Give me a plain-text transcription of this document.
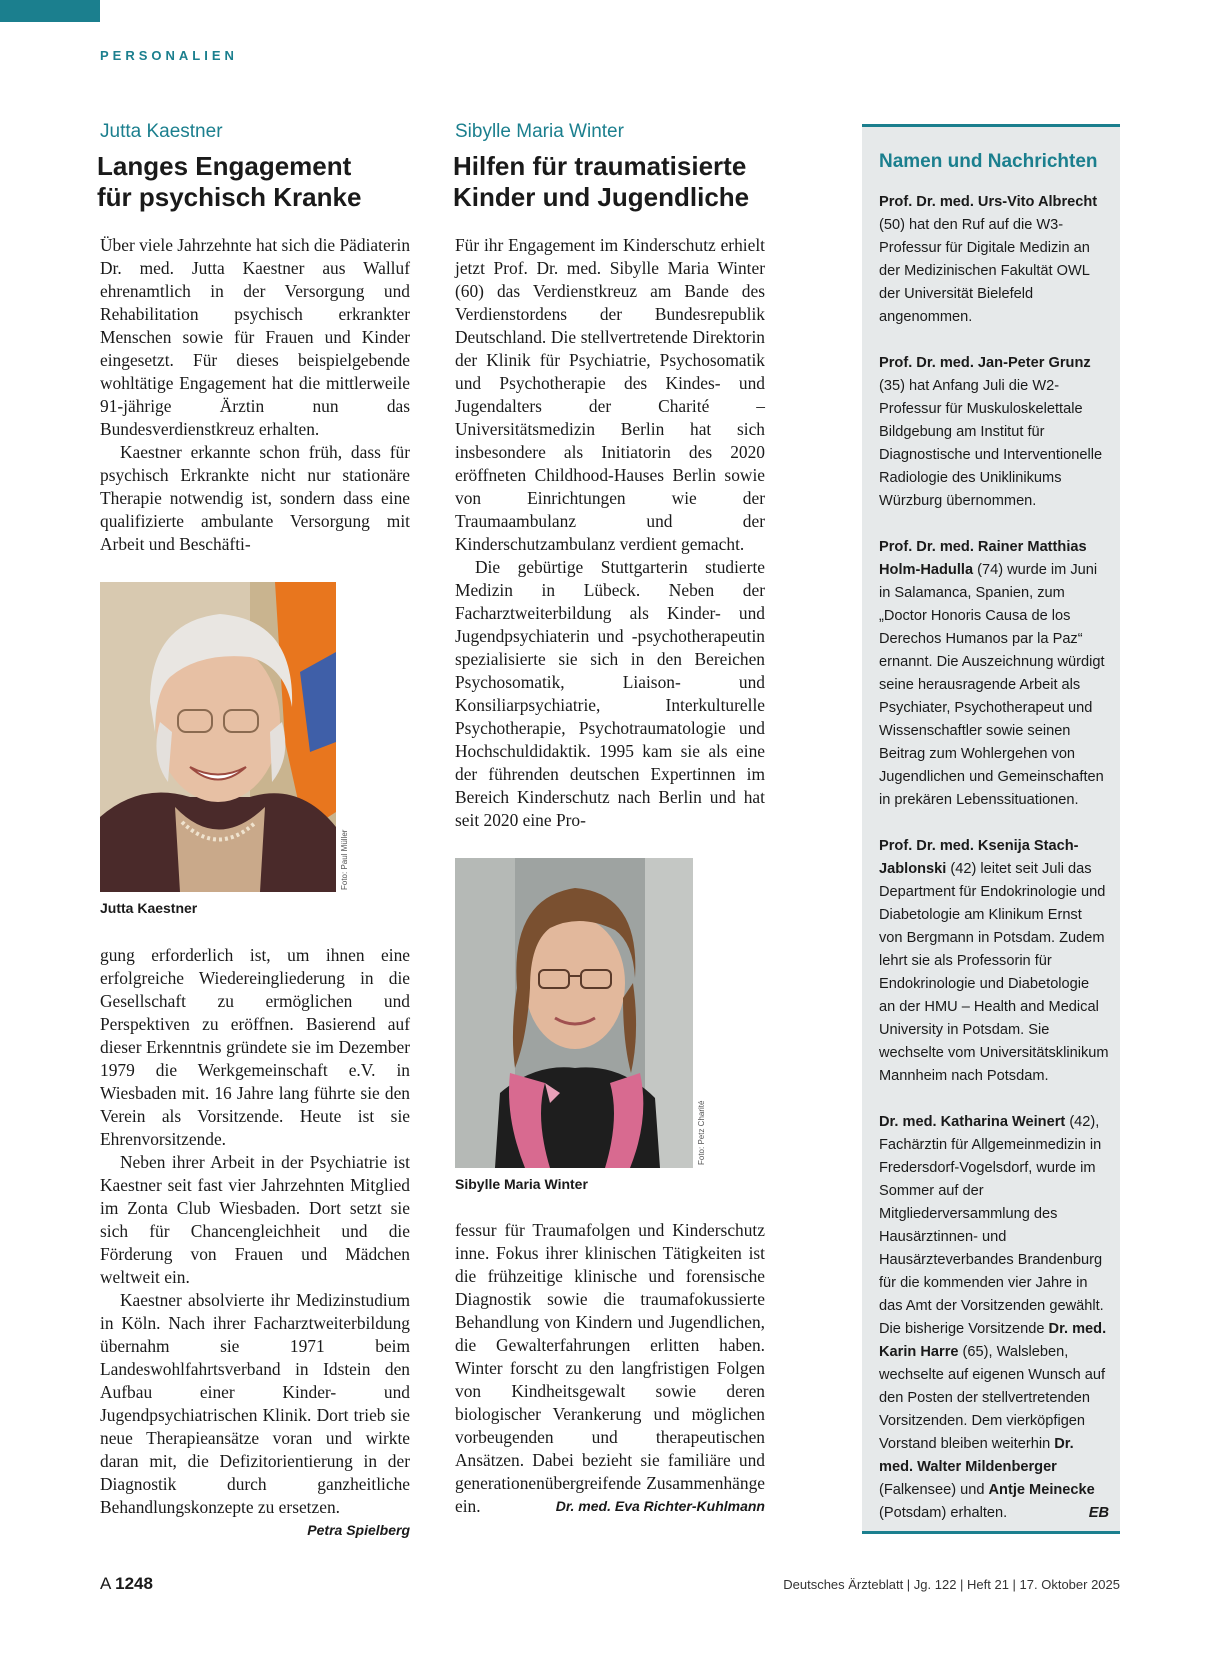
PERSONALIEN
Jutta Kaestner
Langes Engagement
für psychisch Kranke

Über viele Jahrzehnte hat sich die Pädiaterin Dr. med. Jutta Kaestner aus Walluf ehrenamtlich in der Versorgung und Rehabilitation psychisch erkrankter Menschen sowie für Frauen und Kinder eingesetzt. Für dieses beispielgebende wohltätige Engagement hat die mittlerweile 91-jährige Ärztin nun das Bundesverdienstkreuz erhalten.

Kaestner erkannte schon früh, dass für psychisch Erkrankte nicht nur stationäre Therapie notwendig ist, sondern dass eine qualifizierte ambulante Versorgung mit Arbeit und Beschäfti-

Foto: Paul Müller
Jutta Kaestner

gung erforderlich ist, um ihnen eine erfolgreiche Wiedereingliederung in die Gesellschaft zu ermöglichen und Perspektiven zu eröffnen. Basierend auf dieser Erkenntnis gründete sie im Dezember 1979 die Werkgemeinschaft e.V. in Wiesbaden mit. 16 Jahre lang führte sie den Verein als Vorsitzende. Heute ist sie Ehrenvorsitzende.

Neben ihrer Arbeit in der Psychiatrie ist Kaestner seit fast vier Jahrzehnten Mitglied im Zonta Club Wiesbaden. Dort setzt sie sich für Chancengleichheit und die Förderung von Frauen und Mädchen weltweit ein.

Kaestner absolvierte ihr Medizinstudium in Köln. Nach ihrer Facharztweiterbildung übernahm sie 1971 beim Landeswohlfahrtsverband in Idstein den Aufbau einer Kinder- und Jugendpsychiatrischen Klinik. Dort trieb sie neue Therapieansätze voran und wirkte daran mit, die Defizitorientierung in der Diagnostik durch ganzheitliche Behandlungskonzepte zu ersetzen.
Petra Spielberg

Sibylle Maria Winter
Hilfen für traumatisierte
Kinder und Jugendliche

Für ihr Engagement im Kinderschutz erhielt jetzt Prof. Dr. med. Sibylle Maria Winter (60) das Verdienstkreuz am Bande des Verdienstordens der Bundesrepublik Deutschland. Die stellvertretende Direktorin der Klinik für Psychiatrie, Psychosomatik und Psychotherapie des Kindes- und Jugendalters der Charité – Universitätsmedizin Berlin hat sich insbesondere als Initiatorin des 2020 eröffneten Childhood-Hauses Berlin sowie von Einrichtungen wie der Traumaambulanz und der Kinderschutzambulanz verdient gemacht.

Die gebürtige Stuttgarterin studierte Medizin in Lübeck. Neben der Facharztweiterbildung als Kinder- und Jugendpsychiaterin und -psychotherapeutin spezialisierte sie sich in den Bereichen Psychosomatik, Liaison- und Konsiliarpsychiatrie, Interkulturelle Psychotherapie, Psychotraumatologie und Hochschuldidaktik. 1995 kam sie als eine der führenden deutschen Expertinnen im Bereich Kinderschutz nach Berlin und hat seit 2020 eine Pro-

Foto: Petz Charité
Sibylle Maria Winter

fessur für Traumafolgen und Kinderschutz inne. Fokus ihrer klinischen Tätigkeiten ist die frühzeitige klinische und forensische Diagnostik sowie die traumafokussierte Behandlung von Kindern und Jugendlichen, die Gewalterfahrungen erlitten haben. Winter forscht zu den langfristigen Folgen von Kindheitsgewalt sowie deren biologischer Verankerung und möglichen vorbeugenden und therapeutischen Ansätzen. Dabei bezieht sie familiäre und generationenübergreifende Zusammenhänge ein.	Dr. med. Eva Richter-Kuhlmann

Namen und Nachrichten

Prof. Dr. med. Urs-Vito Albrecht (50) hat den Ruf auf die W3-Professur für Digitale Medizin an der Medizinischen Fakultät OWL der Universität Bielefeld angenommen.

Prof. Dr. med. Jan-Peter Grunz (35) hat Anfang Juli die W2-Professur für Muskuloskelettale Bildgebung am Institut für Diagnostische und Interventionelle Radiologie des Uniklinikums Würzburg übernommen.

Prof. Dr. med. Rainer Matthias Holm-Hadulla (74) wurde im Juni in Salamanca, Spanien, zum „Doctor Honoris Causa de los Derechos Humanos par la Paz“ ernannt. Die Auszeichnung würdigt seine herausragende Arbeit als Psychiater, Psychotherapeut und Wissenschaftler sowie seinen Beitrag zum Wohlergehen von Jugendlichen und Gemeinschaften in prekären Lebenssituationen.

Prof. Dr. med. Ksenija Stach-Jablonski (42) leitet seit Juli das Department für Endokrinologie und Diabetologie am Klinikum Ernst von Bergmann in Potsdam. Zudem lehrt sie als Professorin für Endokrinologie und Diabetologie an der HMU – Health and Medical University in Potsdam. Sie wechselte vom Universitätsklinikum Mannheim nach Potsdam.

Dr. med. Katharina Weinert (42), Fachärztin für Allgemeinmedizin in Fredersdorf-Vogelsdorf, wurde im Sommer auf der Mitgliederversammlung des Hausärztinnen- und Hausärzteverbandes Brandenburg für die kommenden vier Jahre in das Amt der Vorsitzenden gewählt. Die bisherige Vorsitzende Dr. med. Karin Harre (65), Walsleben, wechselte auf eigenen Wunsch auf den Posten der stellvertretenden Vorsitzenden. Dem vierköpfigen Vorstand bleiben weiterhin Dr. med. Walter Mildenberger (Falkensee) und Antje Meinecke (Potsdam) erhalten.	EB

A 1248	Deutsches Ärzteblatt | Jg. 122 | Heft 21 | 17. Oktober 2025
